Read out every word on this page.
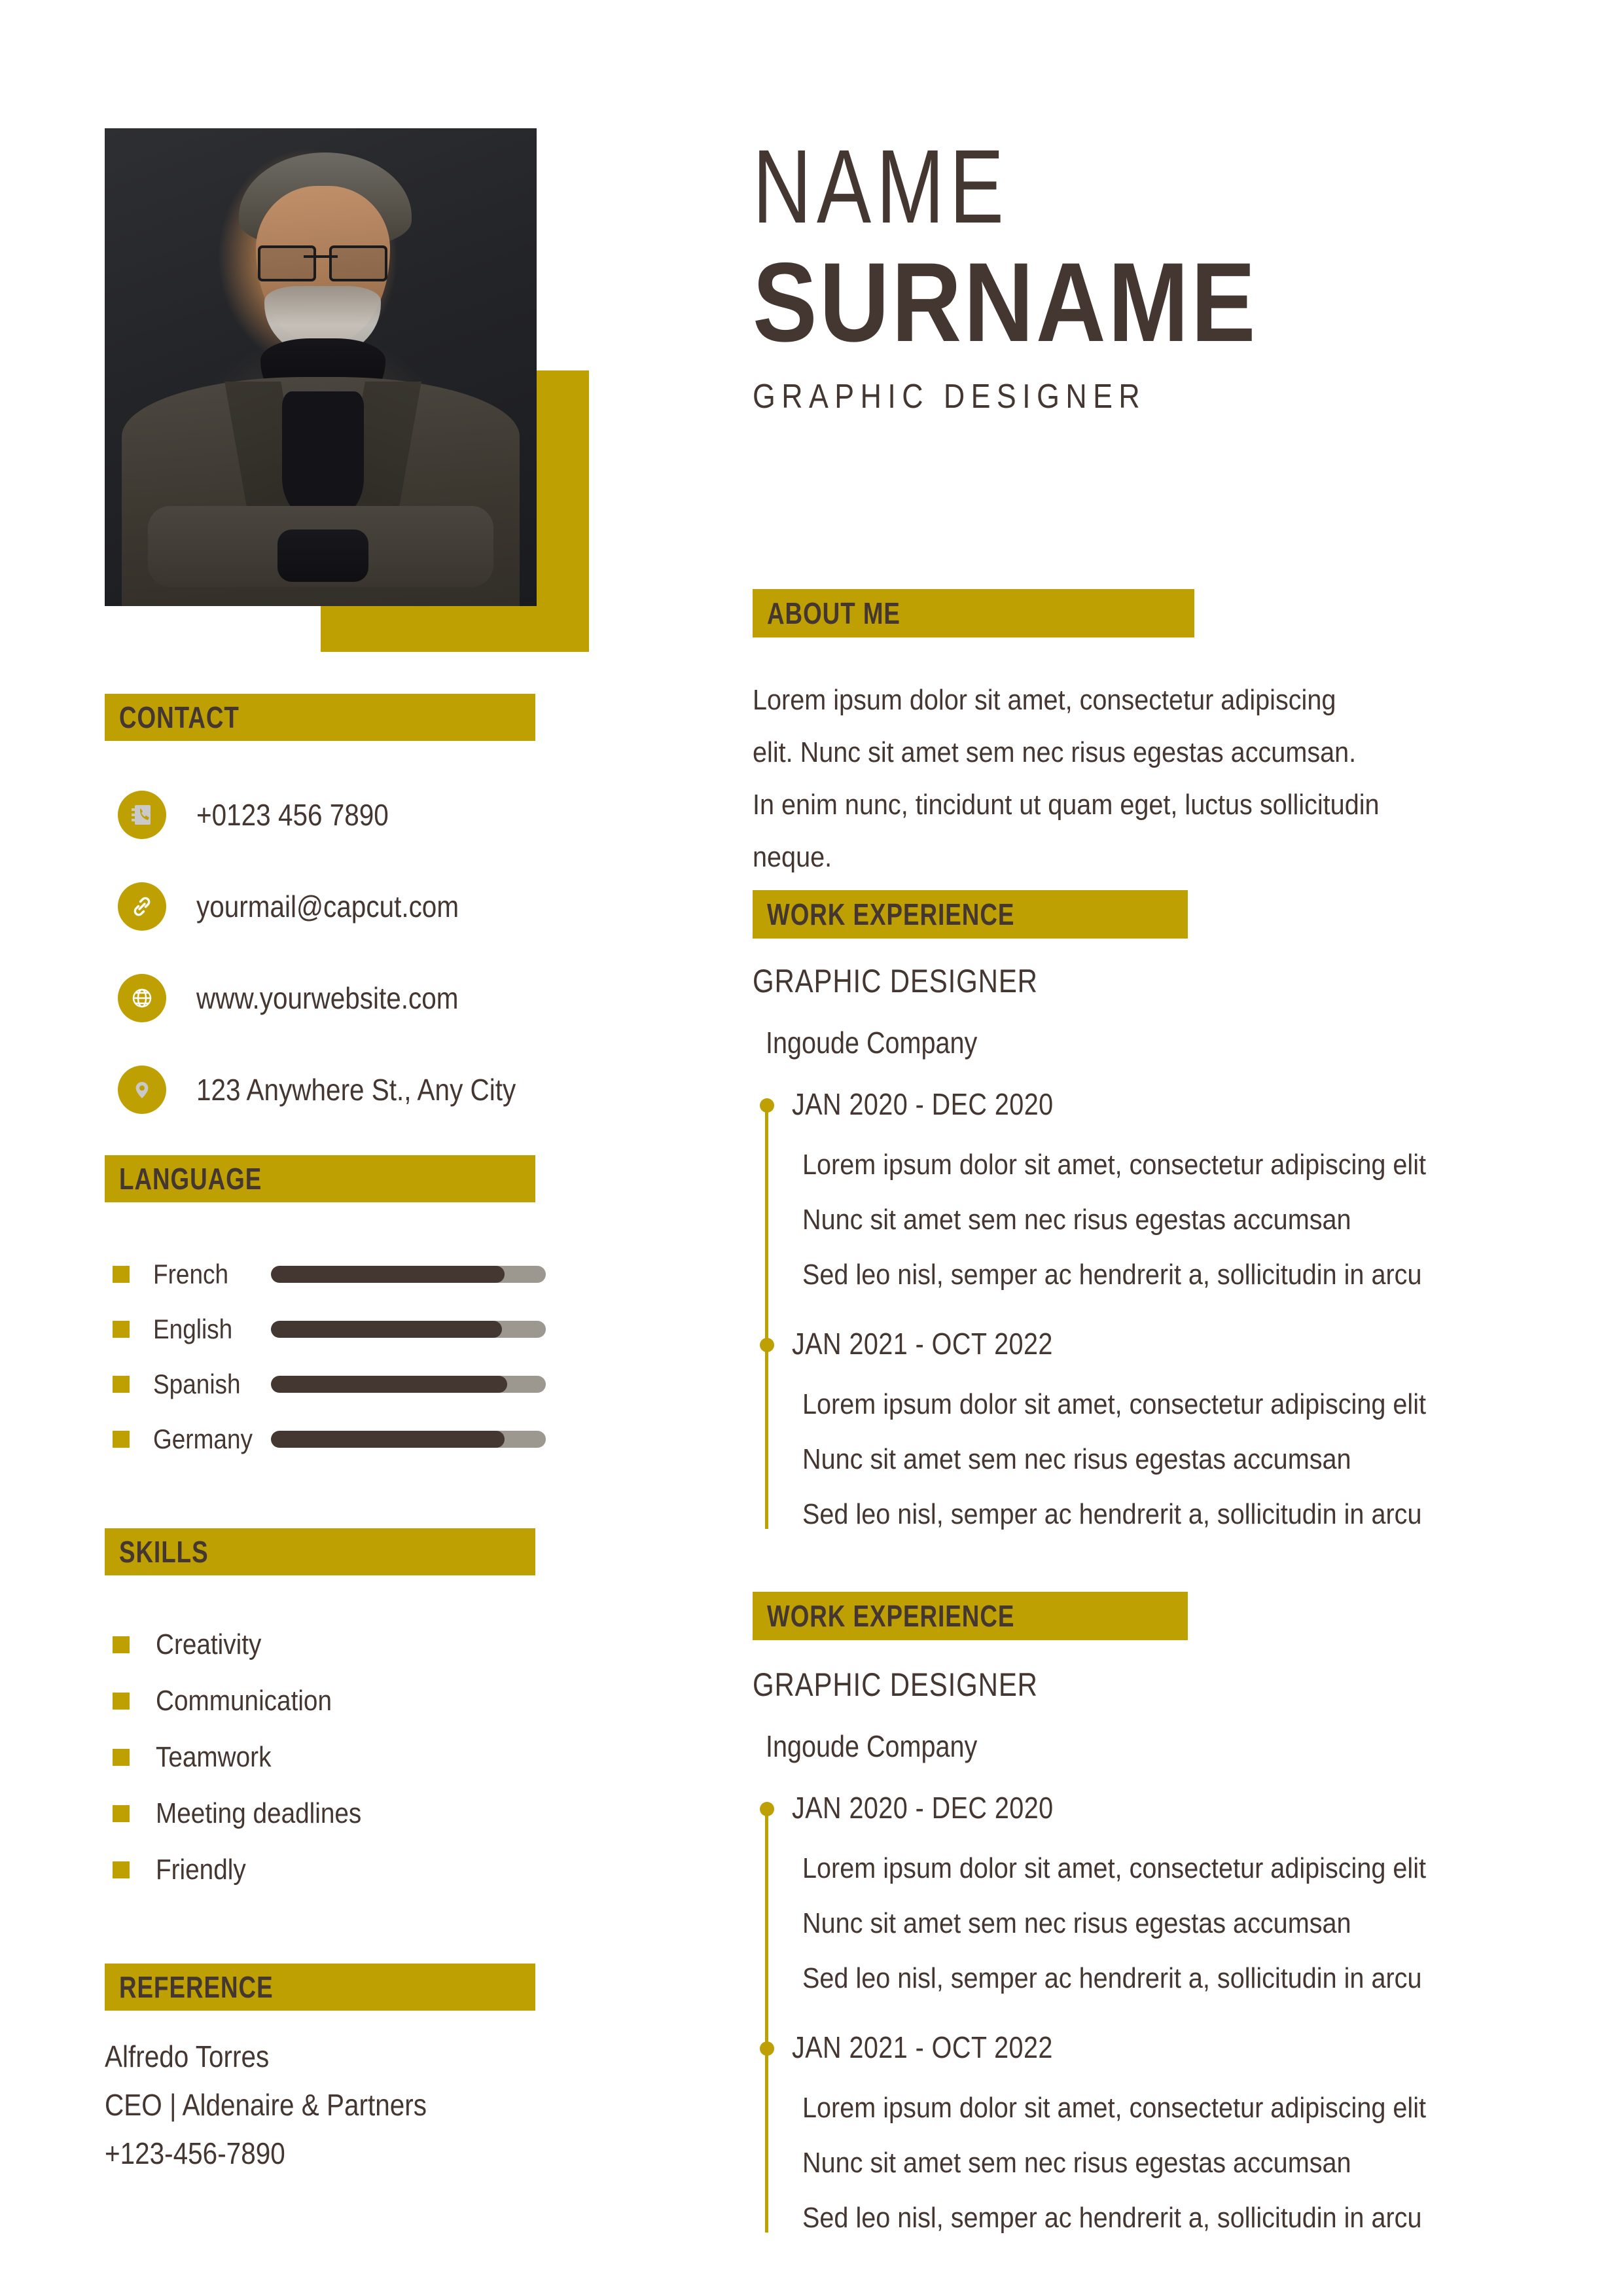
CONTACT
+0123 456 7890
yourmail@capcut.com
www.yourwebsite.com
123 Anywhere St., Any City
LANGUAGE
French
English
Spanish
Germany
SKILLS
Creativity
Communication
Teamwork
Meeting deadlines
Friendly
REFERENCE
Alfredo Torres
CEO | Aldenaire & Partners
+123-456-7890
NAME
SURNAME
GRAPHIC DESIGNER
ABOUT ME
Lorem ipsum dolor sit amet, consectetur adipiscing elit. Nunc sit amet sem nec risus egestas accumsan. In enim nunc, tincidunt ut quam eget, luctus sollicitudin neque.
WORK EXPERIENCE
GRAPHIC DESIGNER
Ingoude Company
JAN 2020 - DEC 2020
Lorem ipsum dolor sit amet, consectetur adipiscing elit
Nunc sit amet sem nec risus egestas accumsan
Sed leo nisl, semper ac hendrerit a, sollicitudin in arcu
JAN 2021 - OCT 2022
Lorem ipsum dolor sit amet, consectetur adipiscing elit
Nunc sit amet sem nec risus egestas accumsan
Sed leo nisl, semper ac hendrerit a, sollicitudin in arcu
WORK EXPERIENCE
GRAPHIC DESIGNER
Ingoude Company
JAN 2020 - DEC 2020
Lorem ipsum dolor sit amet, consectetur adipiscing elit
Nunc sit amet sem nec risus egestas accumsan
Sed leo nisl, semper ac hendrerit a, sollicitudin in arcu
JAN 2021 - OCT 2022
Lorem ipsum dolor sit amet, consectetur adipiscing elit
Nunc sit amet sem nec risus egestas accumsan
Sed leo nisl, semper ac hendrerit a, sollicitudin in arcu
